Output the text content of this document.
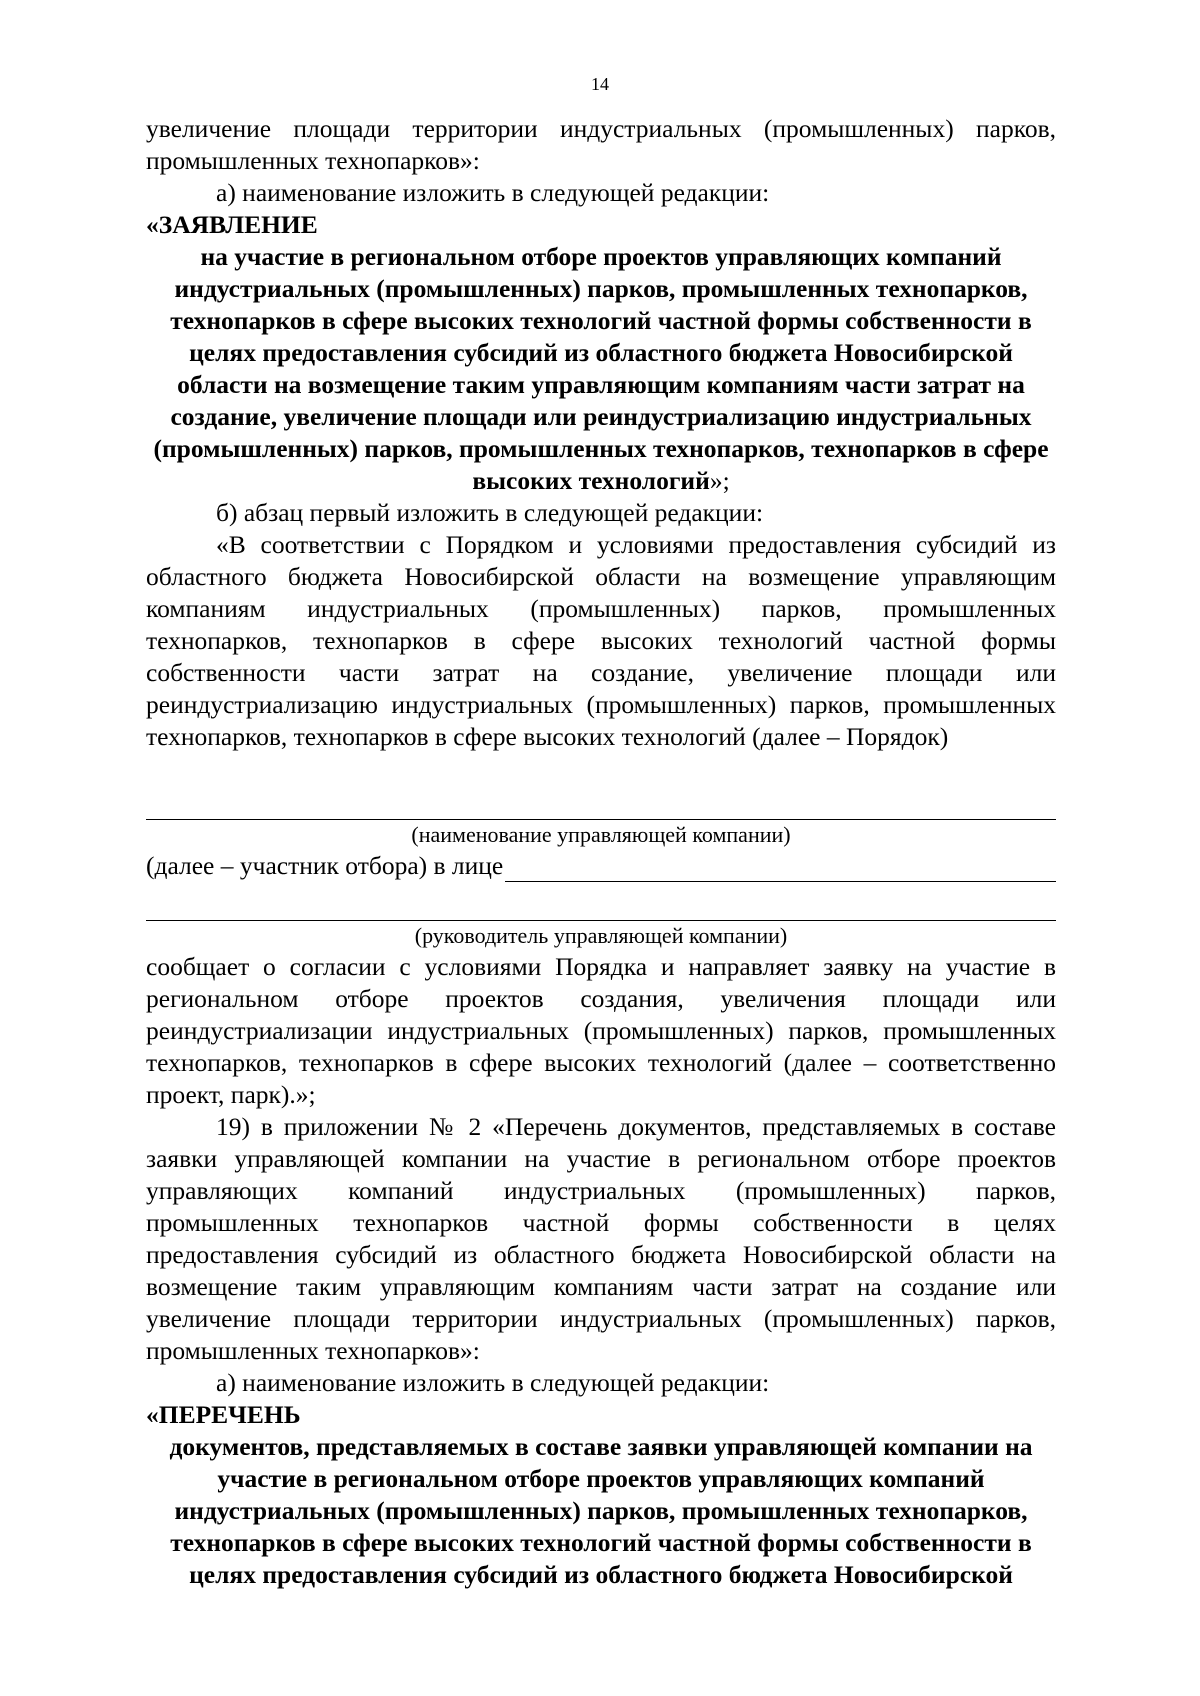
14

увеличение площади территории индустриальных (промышленных) парков, промышленных технопарков»:

а) наименование изложить в следующей редакции:

«ЗАЯВЛЕНИЕ

на участие в региональном отборе проектов управляющих компаний индустриальных (промышленных) парков, промышленных технопарков, технопарков в сфере высоких технологий частной формы собственности в целях предоставления субсидий из областного бюджета Новосибирской области на возмещение таким управляющим компаниям части затрат на создание, увеличение площади или реиндустриализацию индустриальных (промышленных) парков, промышленных технопарков, технопарков в сфере высоких технологий»;

б) абзац первый изложить в следующей редакции:

«В соответствии с Порядком и условиями предоставления субсидий из областного бюджета Новосибирской области на возмещение управляющим компаниям индустриальных (промышленных) парков, промышленных технопарков, технопарков в сфере высоких технологий частной формы собственности части затрат на создание, увеличение площади или реиндустриализацию индустриальных (промышленных) парков, промышленных технопарков, технопарков в сфере высоких технологий (далее – Порядок)

(наименование управляющей компании)

(далее – участник отбора) в лице

(руководитель управляющей компании)

сообщает о согласии с условиями Порядка и направляет заявку на участие в региональном отборе проектов создания, увеличения площади или реиндустриализации индустриальных (промышленных) парков, промышленных технопарков, технопарков в сфере высоких технологий (далее – соответственно проект, парк).»;

19) в приложении № 2 «Перечень документов, представляемых в составе заявки управляющей компании на участие в региональном отборе проектов управляющих компаний индустриальных (промышленных) парков, промышленных технопарков частной формы собственности в целях предоставления субсидий из областного бюджета Новосибирской области на возмещение таким управляющим компаниям части затрат на создание или увеличение площади территории индустриальных (промышленных) парков, промышленных технопарков»:

а) наименование изложить в следующей редакции:

«ПЕРЕЧЕНЬ

документов, представляемых в составе заявки управляющей компании на участие в региональном отборе проектов управляющих компаний индустриальных (промышленных) парков, промышленных технопарков, технопарков в сфере высоких технологий частной формы собственности в целях предоставления субсидий из областного бюджета Новосибирской
